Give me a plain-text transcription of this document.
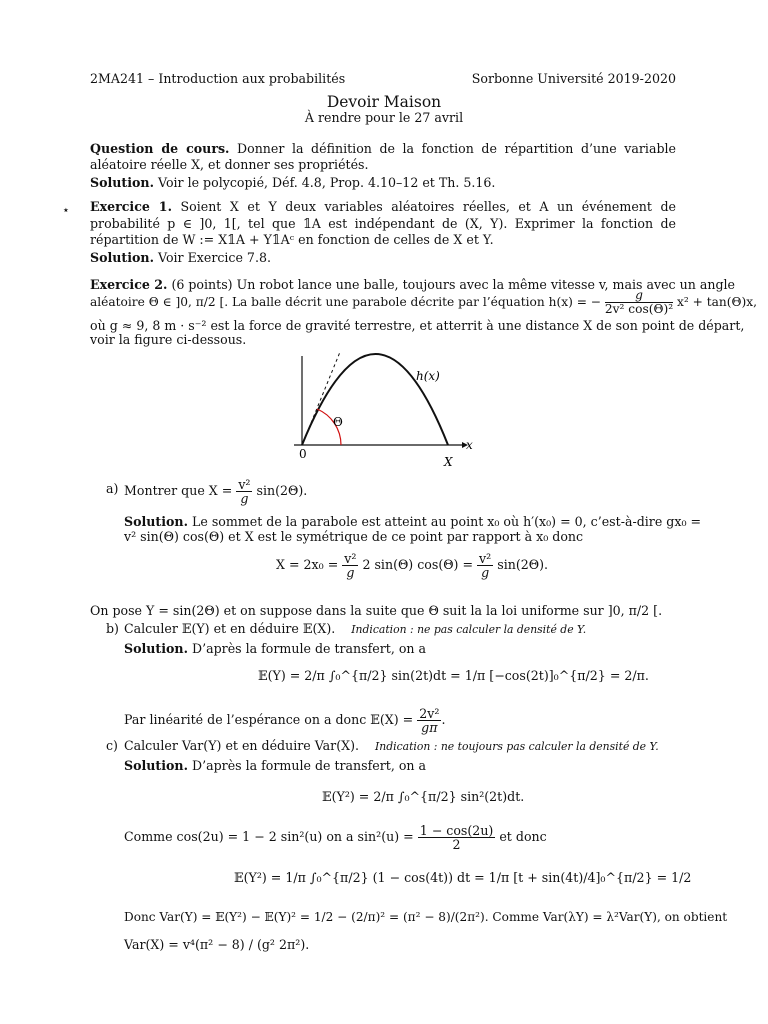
2MA241 – Introduction aux probabilités	Sorbonne Université 2019-2020
Devoir Maison
À rendre pour le 27 avril
Question de cours. Donner la définition de la fonction de répartition d’une variable aléatoire réelle X, et donner ses propriétés.
Solution. Voir le polycopié, Déf. 4.8, Prop. 4.10–12 et Th. 5.16.
⋆ Exercice 1. Soient X et Y deux variables aléatoires réelles, et A un événement de probabilité p ∈ ]0, 1[, tel que 𝟙A est indépendant de (X, Y). Exprimer la fonction de répartition de W := X𝟙A + Y𝟙Aᶜ en fonction de celles de X et Y.
Solution. Voir Exercice 7.8.
Exercice 2. (6 points) Un robot lance une balle, toujours avec la même vitesse v, mais avec un angle
aléatoire Θ ∈ ]0, π/2 [. La balle décrit une parabole décrite par l’équation h(x) = − $\frac{g}{\text{2v² cos(Θ)²}} x^2 + \tan(\Theta)x$,
où g ≈ 9, 8 m · s⁻² est la force de gravité terrestre, et atterrit à une distance X de son point de départ,
voir la figure ci-dessous.
h(x)
Θ
x
0
X
a) Montrer que $X = \frac{\text{v²}}{g} \sin(2\Theta)$.
Solution. Le sommet de la parabole est atteint au point x₀ où h′(x₀) = 0, c’est-à-dire gx₀ =
v² sin(Θ) cos(Θ) et X est le symétrique de ce point par rapport à x₀ donc
$X = 2x_0 = \frac{\text{v²}}{g} 2$ sin(Θ) $\cos(\Theta) = \frac{\text{v²}}{g} \sin(2\Theta)$.
On pose Y = sin(2Θ) et on suppose dans la suite que Θ suit la la loi uniforme sur ]0, π/2 [.
b) Calculer 𝔼(Y) et en déduire 𝔼(X). Indication : ne pas calculer la densité de Y.
Solution. D’après la formule de transfert, on a
𝔼(Y) = 2/π ∫₀^{π/2} sin(2t)dt = 1/π [−cos(2t)]₀^{π/2} = 2/π.
Par linéarité de l’espérance on a donc 𝔼(X) = $\frac{\text{2v²}}{g\pi}$ .
c) Calculer Var(Y) et en déduire Var(X). Indication : ne toujours pas calculer la densité de Y.
Solution. D’après la formule de transfert, on a
𝔼(Y²) = 2/π ∫₀^{π/2} sin²(2t)dt.
Comme cos(2u) = 1 − 2 sin²(u) on a $\sin^2(u) = \frac{1 - \cos(2u)}{2}$ et donc
𝔼(Y²) = 1/π ∫₀^{π/2} (1 − cos(4t)) dt = 1/π [t + sin(4t)/4]₀^{π/2} = 1/2
Donc Var(Y) = 𝔼(Y²) − 𝔼(Y)² = 1/2 − (2/π)² = (π² − 8)/(2π²). Comme Var(λY) = λ²Var(Y), on obtient
Var(X) = v⁴(π² − 8) / (g² 2π²).
